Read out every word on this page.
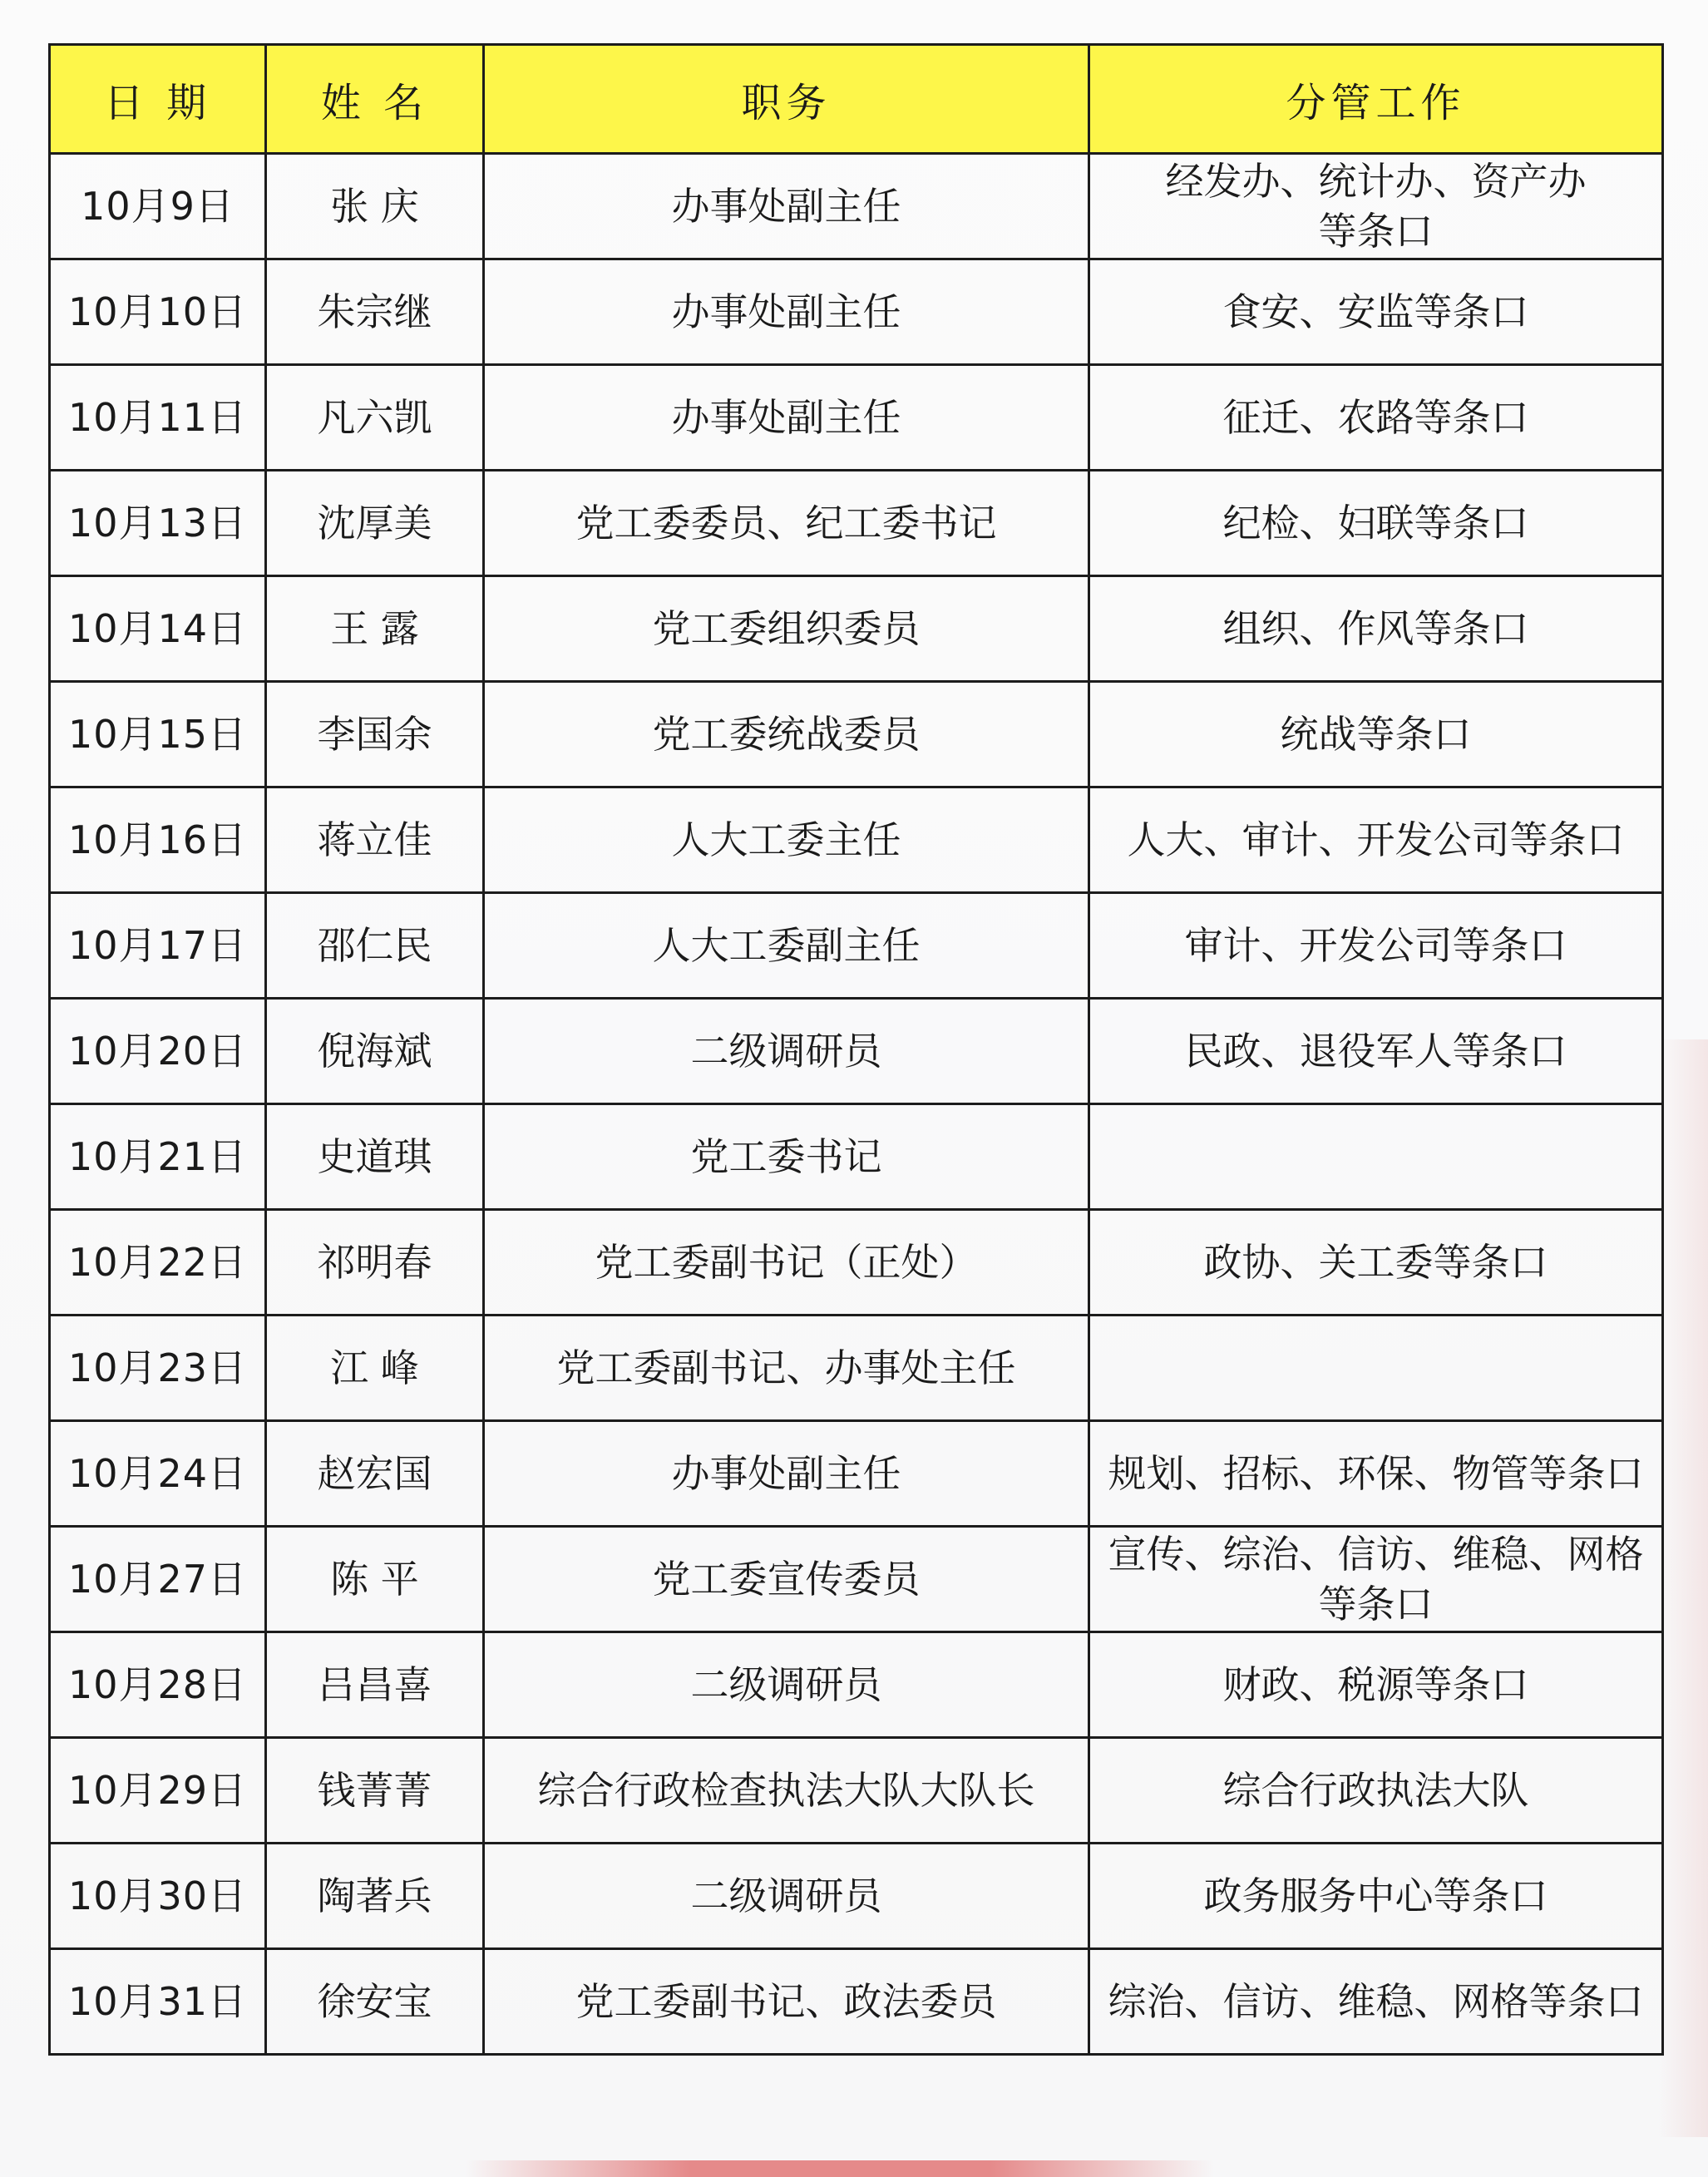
日 期	姓 名	职务	分管工作
10月9日	张 庆	办事处副主任	经发办、统计办、资产办
等条口
10月10日	朱宗继	办事处副主任	食安、安监等条口
10月11日	凡六凯	办事处副主任	征迁、农路等条口
10月13日	沈厚美	党工委委员、纪工委书记	纪检、妇联等条口
10月14日	王 露	党工委组织委员	组织、作风等条口
10月15日	李国余	党工委统战委员	统战等条口
10月16日	蒋立佳	人大工委主任	人大、审计、开发公司等条口
10月17日	邵仁民	人大工委副主任	审计、开发公司等条口
10月20日	倪海斌	二级调研员	民政、退役军人等条口
10月21日	史道琪	党工委书记	
10月22日	祁明春	党工委副书记（正处）	政协、关工委等条口
10月23日	江 峰	党工委副书记、办事处主任	
10月24日	赵宏国	办事处副主任	规划、招标、环保、物管等条口
10月27日	陈 平	党工委宣传委员	宣传、综治、信访、维稳、网格
等条口
10月28日	吕昌喜	二级调研员	财政、税源等条口
10月29日	钱菁菁	综合行政检查执法大队大队长	综合行政执法大队
10月30日	陶著兵	二级调研员	政务服务中心等条口
10月31日	徐安宝	党工委副书记、政法委员	综治、信访、维稳、网格等条口
